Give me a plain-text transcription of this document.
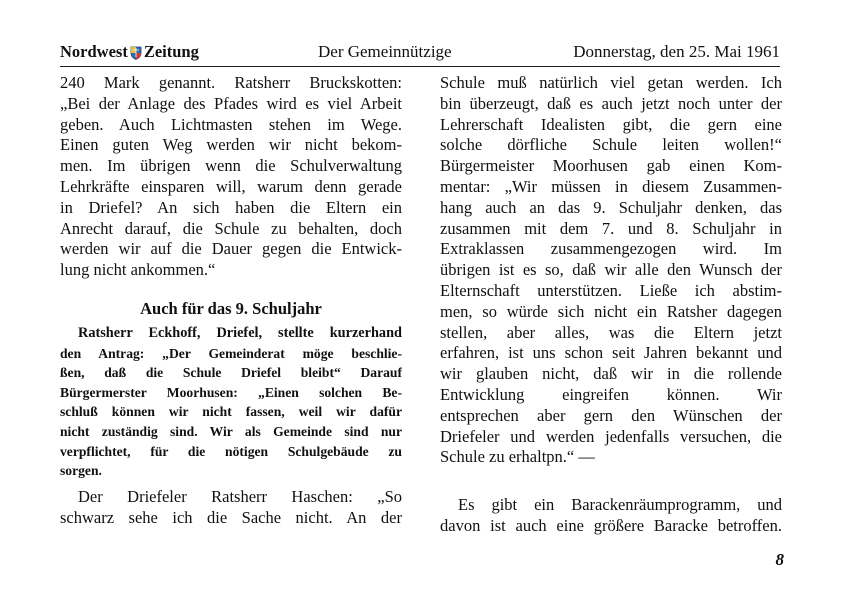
Nordwest Zeitung	Der Gemeinnützige	Donnerstag, den 25. Mai 1961
240 Mark genannt. Ratsherr Bruckskotten:
„Bei der Anlage des Pfades wird es viel Arbeit
geben. Auch Lichtmasten stehen im Wege.
Einen guten Weg werden wir nicht bekom-
men. Im übrigen wenn die Schulverwaltung
Lehrkräfte einsparen will, warum denn gerade
in Driefel? An sich haben die Eltern ein
Anrecht darauf, die Schule zu behalten, doch
werden wir auf die Dauer gegen die Entwick-
lung nicht ankommen.“
Auch für das 9. Schuljahr
Ratsherr Eckhoff, Driefel, stellte kurzerhand
den Antrag: „Der Gemeinderat möge beschlie-
ßen, daß die Schule Driefel bleibt“ Darauf
Bürgermerster Moorhusen: „Einen solchen Be-
schluß können wir nicht fassen, weil wir dafür
nicht zuständig sind. Wir als Gemeinde sind nur
verpflichtet, für die nötigen Schulgebäude zu
sorgen.
Der Driefeler Ratsherr Haschen: „So
schwarz sehe ich die Sache nicht. An der
Schule muß natürlich viel getan werden. Ich
bin überzeugt, daß es auch jetzt noch unter der
Lehrerschaft Idealisten gibt, die gern eine
solche dörfliche Schule leiten wollen!“
Bürgermeister Moorhusen gab einen Kom-
mentar: „Wir müssen in diesem Zusammen-
hang auch an das 9. Schuljahr denken, das
zusammen mit dem 7. und 8. Schuljahr in
Extraklassen zusammengezogen wird. Im
übrigen ist es so, daß wir alle den Wunsch der
Elternschaft unterstützen. Ließe ich abstim-
men, so würde sich nicht ein Ratsher dagegen
stellen, aber alles, was die Eltern jetzt
erfahren, ist uns schon seit Jahren bekannt und
wir glauben nicht, daß wir in die rollende
Entwicklung eingreifen können. Wir
entsprechen aber gern den Wünschen der
Driefeler und werden jedenfalls versuchen, die
Schule zu erhaltpn.“ —
Es gibt ein Barackenräumprogramm, und
davon ist auch eine größere Baracke betroffen.
8
